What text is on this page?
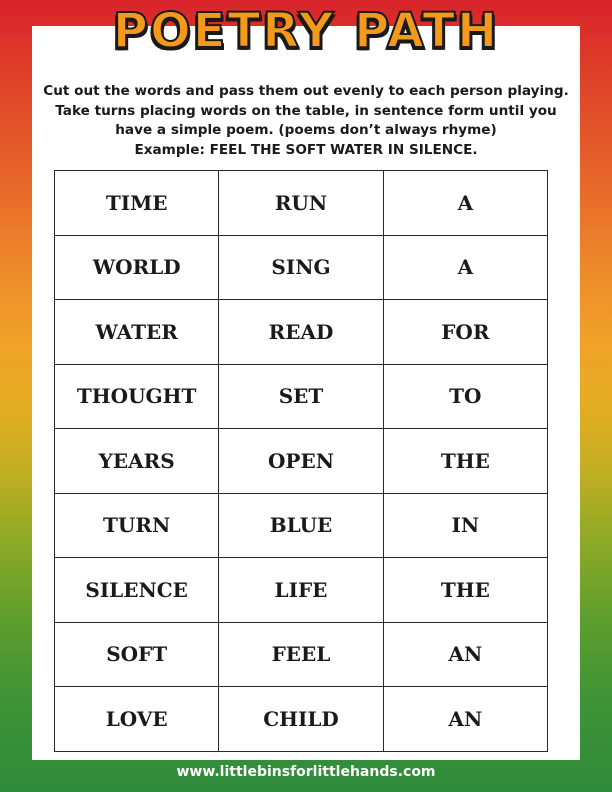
POETRY PATH
Cut out the words and pass them out evenly to each person playing.
Take turns placing words on the table, in sentence form until you
have a simple poem. (poems don’t always rhyme)
Example: FEEL THE SOFT WATER IN SILENCE.
TIME	RUN	A
WORLD	SING	A
WATER	READ	FOR
THOUGHT	SET	TO
YEARS	OPEN	THE
TURN	BLUE	IN
SILENCE	LIFE	THE
SOFT	FEEL	AN
LOVE	CHILD	AN
www.littlebinsforlittlehands.com
